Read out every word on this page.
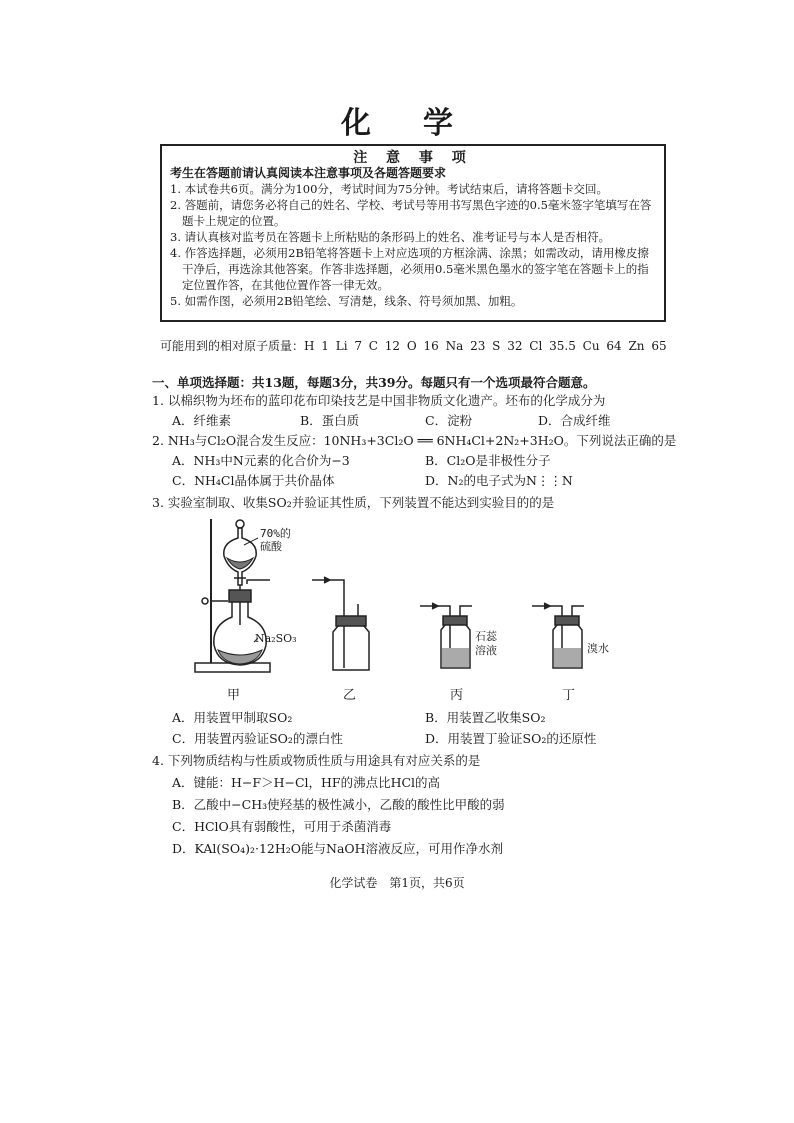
化 学
注 意 事 项
考生在答题前请认真阅读本注意事项及各题答题要求
1. 本试卷共6页。满分为100分，考试时间为75分钟。考试结束后，请将答题卡交回。
2. 答题前，请您务必将自己的姓名、学校、考试号等用书写黑色字迹的0.5毫米签字笔填写在答
题卡上规定的位置。
3. 请认真核对监考员在答题卡上所粘贴的条形码上的姓名、准考证号与本人是否相符。
4. 作答选择题，必须用2B铅笔将答题卡上对应选项的方框涂满、涂黑；如需改动，请用橡皮擦
干净后，再选涂其他答案。作答非选择题，必须用0.5毫米黑色墨水的签字笔在答题卡上的指
定位置作答，在其他位置作答一律无效。
5. 如需作图，必须用2B铅笔绘、写清楚，线条、符号须加黑、加粗。
可能用到的相对原子质量：H 1 Li 7 C 12 O 16 Na 23 S 32 Cl 35.5 Cu 64 Zn 65
一、单项选择题：共13题，每题3分，共39分。每题只有一个选项最符合题意。
1. 以棉织物为坯布的蓝印花布印染技艺是中国非物质文化遗产。坯布的化学成分为
A．纤维素	B．蛋白质	C．淀粉	D．合成纤维
2. NH₃与Cl₂O混合发生反应：10NH₃+3Cl₂O ══ 6NH₄Cl+2N₂+3H₂O。下列说法正确的是
A．NH₃中N元素的化合价为−3	B．Cl₂O是非极性分子
C．NH₄Cl晶体属于共价晶体	D．N₂的电子式为N⋮⋮N
3. 实验室制取、收集SO₂并验证其性质，下列装置不能达到实验目的的是
70%的
硫酸
Na₂SO₃	石蕊
溶液	溴水
甲	乙	丙	丁
A．用装置甲制取SO₂	B．用装置乙收集SO₂
C．用装置丙验证SO₂的漂白性	D．用装置丁验证SO₂的还原性
4. 下列物质结构与性质或物质性质与用途具有对应关系的是
A．键能：H−F＞H−Cl，HF的沸点比HCl的高
B．乙酸中−CH₃使羟基的极性减小，乙酸的酸性比甲酸的弱
C．HClO具有弱酸性，可用于杀菌消毒
D．KAl(SO₄)₂·12H₂O能与NaOH溶液反应，可用作净水剂
化学试卷　第1页，共6页
